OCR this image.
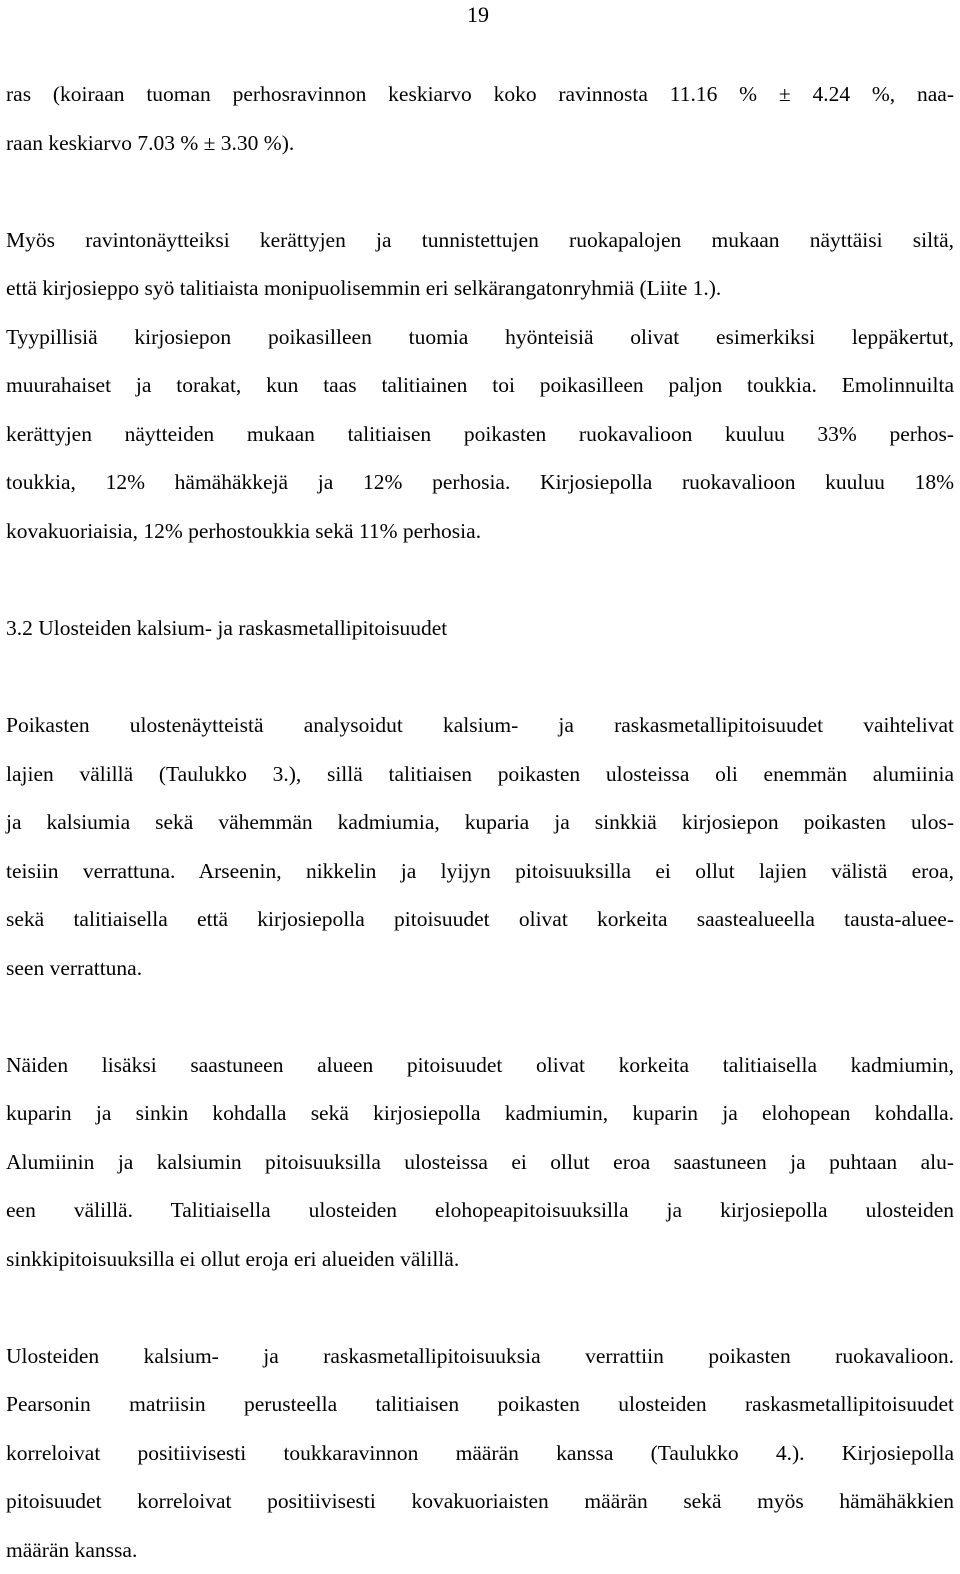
19

ras (koiraan tuoman perhosravinnon keskiarvo koko ravinnosta 11.16 % ± 4.24 %, naa-
raan keskiarvo 7.03 % ± 3.30 %).

Myös ravintonäytteiksi kerättyjen ja tunnistettujen ruokapalojen mukaan näyttäisi siltä,
että kirjosieppo syö talitiaista monipuolisemmin eri selkärangatonryhmiä (Liite 1.).
Tyypillisiä kirjosiepon poikasilleen tuomia hyönteisiä olivat esimerkiksi leppäkertut,
muurahaiset ja torakat, kun taas talitiainen toi poikasilleen paljon toukkia. Emolinnuilta
kerättyjen näytteiden mukaan talitiaisen poikasten ruokavalioon kuuluu 33% perhos-
toukkia, 12% hämähäkkejä ja 12% perhosia. Kirjosiepolla ruokavalioon kuuluu 18%
kovakuoriaisia, 12% perhostoukkia sekä 11% perhosia.

3.2 Ulosteiden kalsium- ja raskasmetallipitoisuudet

Poikasten ulostenäytteistä analysoidut kalsium- ja raskasmetallipitoisuudet vaihtelivat
lajien välillä (Taulukko 3.), sillä talitiaisen poikasten ulosteissa oli enemmän alumiinia
ja kalsiumia sekä vähemmän kadmiumia, kuparia ja sinkkiä kirjosiepon poikasten ulos-
teisiin verrattuna. Arseenin, nikkelin ja lyijyn pitoisuuksilla ei ollut lajien välistä eroa,
sekä talitiaisella että kirjosiepolla pitoisuudet olivat korkeita saastealueella tausta-aluee-
seen verrattuna.

Näiden lisäksi saastuneen alueen pitoisuudet olivat korkeita talitiaisella kadmiumin,
kuparin ja sinkin kohdalla sekä kirjosiepolla kadmiumin, kuparin ja elohopean kohdalla.
Alumiinin ja kalsiumin pitoisuuksilla ulosteissa ei ollut eroa saastuneen ja puhtaan alu-
een välillä. Talitiaisella ulosteiden elohopeapitoisuuksilla ja kirjosiepolla ulosteiden
sinkkipitoisuuksilla ei ollut eroja eri alueiden välillä.

Ulosteiden kalsium- ja raskasmetallipitoisuuksia verrattiin poikasten ruokavalioon.
Pearsonin matriisin perusteella talitiaisen poikasten ulosteiden raskasmetallipitoisuudet
korreloivat positiivisesti toukkaravinnon määrän kanssa (Taulukko 4.). Kirjosiepolla
pitoisuudet korreloivat positiivisesti kovakuoriaisten määrän sekä myös hämähäkkien
määrän kanssa.
